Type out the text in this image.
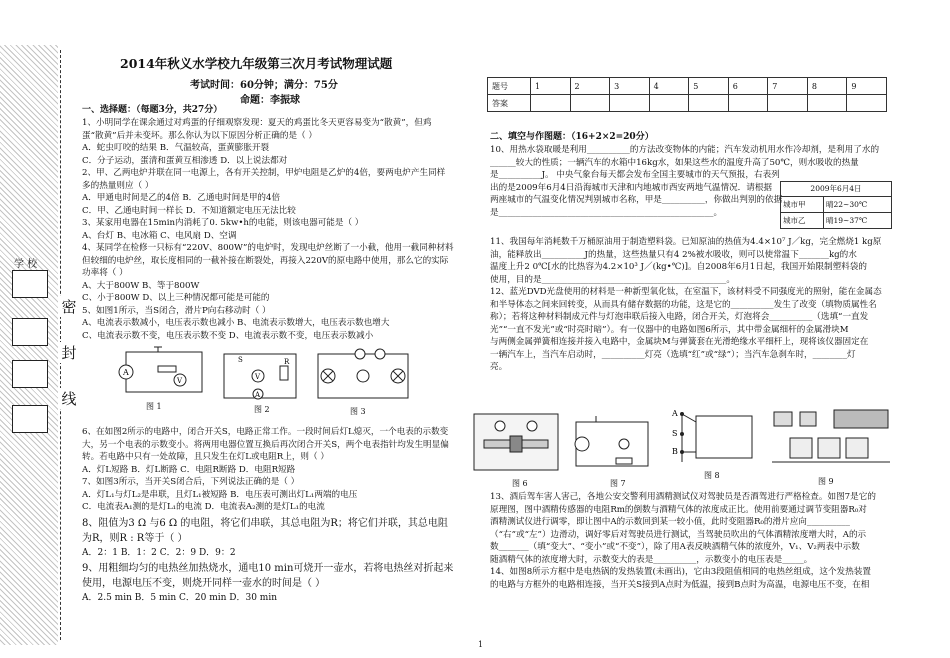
学 校
密
封
线
2014年秋义水学校九年级第三次月考试物理试题
考试时间：60分钟；满分：75分
命题：李振球
一、选择题：（每题3分，共27分）
1、小明同学在课余通过对鸡蛋的仔细观察发现：夏天的鸡蛋比冬天更容易变为“散黄”，但鸡
蛋“散黄”后并未变坏。那么你认为以下原因分析正确的是（ ）
A．蛇虫叮咬的结果 B．气温较高，蛋黄膨胀开裂
C．分子运动，蛋清和蛋黄互相渗透 D．以上说法都对
2、甲、乙两电炉并联在同一电源上，各有开关控制，甲炉电阻是乙炉的4倍，要两电炉产生同样
多的热量则应（ ）
A．甲通电时间是乙的4倍 B．乙通电时间是甲的4倍
C．甲、乙通电时间一样长 D．不知道额定电压无法比较
3、某家用电器在15min内消耗了0. 5kw•h的电能，则该电器可能是（ ）
A、台灯 B、电冰箱 C、电风扇 D、空调
4、某同学在检修一只标有“220V、800W”的电炉时，发现电炉丝断了一小截，他用一截同种材料
但较细的电炉丝，取长度相同的一截补接在断裂处，再接入220V的原电路中使用，那么它的实际
功率将（ ）
A、大于800W B、等于800W
C、小于800W D、以上三种情况都可能是可能的
5、如图1所示，当S闭合，滑片P向右移动时（ ）
A、电流表示数减小，电压表示数也减小 B、电流表示数增大，电压表示数也增大
C、电流表示数不变，电压表示数不变 D、电流表示数不变，电压表示数减小
A
V
图 1
S	R
V
A
图 2	图 3
6、在如图2所示的电路中，闭合开关S，电路正常工作。一段时间后灯L熄灭，一个电表的示数变
大，另一个电表的示数变小。将两用电器位置互换后再次闭合开关S，两个电表指针均发生明显偏
转。若电路中只有一处故障，且只发生在灯L或电阻R上，则（ ）
A．灯L短路 B．灯L断路 C．电阻R断路 D．电阻R短路
7、如图3所示，当开关S闭合后，下列说法正确的是（ ）
A．灯L₁与灯L₂是串联，且灯L₁被短路 B．电压表可测出灯L₁两端的电压
C．电流表A₁测的是灯L₁的电流 D．电流表A₂测的是灯L₁的电流
8、阻值为3 Ω 与6 Ω 的电阻，将它们串联，其总电阻为R；将它们并联，其总电阻
为R，则R : R等于（ ）
A．2：1 B．1：2 C．2：9 D．9：2
9、用粗细均匀的电热丝加热烧水，通电10 min可烧开一壶水，若将电热丝对折起来
使用，电源电压不变，则烧开同样一壶水的时间是（ ）
A．2.5 min B．5 min C．20 min D．30 min
题号	1	2	3	4	5	6	7	8	9
答案									
二、填空与作图题：（16+2×2=20分）
10、用热水袋取暖是利用__________的方法改变物体的内能；汽车发动机用水作冷却剂，是利用了水的
______较大的性质；一辆汽车的水箱中16kg水，如果这些水的温度升高了50℃，则水吸收的热量
是__________J。 中央气象台每天都会发布全国主要城市的天气预报，右表列
出的是2009年6月4日沿海城市天津和内地城市西安两地气温情况．请根据
两座城市的气温变化情况判别城市名称，甲是__________，你做出判别的依据
是__________________________________________________。
2009年6月4日
城市甲	晴22~30℃
城市乙	晴19~37℃
11、我国每年消耗数千万桶原油用于制造塑料袋。已知原油的热值为4.4×10⁷ J／kg，完全燃烧1 kg原
油，能释放出__________J的热量，这些热量只有4 2%被水吸收，则可以使常温下_______kg的水
温度上升2 0℃[水的比热容为4.2×10³ J／(kg•℃)]。自2008年6月1日起，我国开始限制塑料袋的
使用，目的是___________________________________________。
12、蓝光DVD光盘使用的材料是一种新型氧化钛，在室温下，该材料受不同强度光的照射，能在金属态
和半导体态之间来回转变，从而具有储存数据的功能，这是它的__________发生了改变（填物质属性名
称）；若将这种材料制成元件与灯泡串联后接入电路，闭合开关，灯泡将会__________（选填“一直发
光”“一直不发光”或“时亮时暗”）。有一仪器中的电路如图6所示，其中带金属细杆的金属滑块M
与两侧金属弹簧相连接并接入电路中，金属块M与弹簧套在光滑绝缘水平细杆上，现将该仪器固定在
一辆汽车上，当汽车启动时，__________灯亮（选填“红”或“绿”）；当汽车急刹车时，________灯
亮。
图 6	图 7
A
S
B
图 8
图 9
13、酒后驾车害人害己，各地公安交警利用酒精测试仪对驾驶员是否酒驾进行严格检查。如图7是它的
原理图，图中酒精传感器的电阻Rm的倒数与酒精气体的浓度成正比。使用前要通过调节变阻器R₀对
酒精测试仪进行调零，即让图中A的示数回到某一较小值，此时变阻器R₀的滑片应向__________
（“右”或“左”）边滑动，调好零后对驾驶员进行测试，当驾驶员吹出的气体酒精浓度增大时，A的示
数_______（填“变大”、“变小”或“不变”），除了用A表反映酒精气体的浓度外，V₁、V₂两表中示数
随酒精气体的浓度增大时，示数变大的表是__________，示数变小的电压表是_____。
14、如图8所示方框中是电热锅的发热装置(未画出)，它由3段阻值相同的电热丝组成，这个发热装置
的电路与方框外的电路相连接，当开关S接到A点时为低温，接到B点时为高温，电源电压不变，在相
1
